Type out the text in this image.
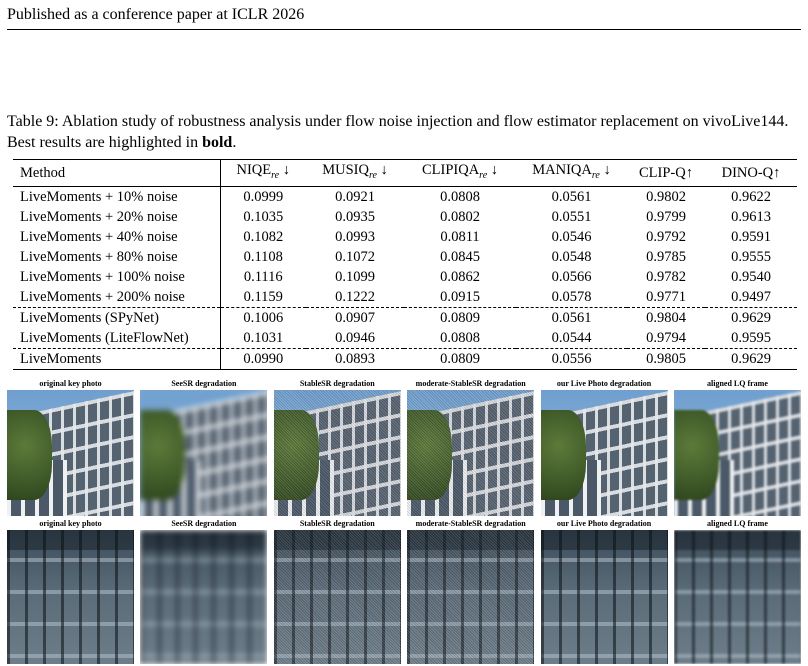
Published as a conference paper at ICLR 2026
Table 9: Ablation study of robustness analysis under flow noise injection and flow estimator replacement on vivoLive144. Best results are highlighted in bold.
Method	$NIQE_{re}$ ↓	$MUSIQ_{re}$ ↓	$CLIPIQA_{re}$ ↓	$MANIQA_{re}$ ↓	CLIP-Q↑	DINO-Q↑
LiveMoments + 10% noise	0.0999	0.0921	0.0808	0.0561	0.9802	0.9622
LiveMoments + 20% noise	0.1035	0.0935	0.0802	0.0551	0.9799	0.9613
LiveMoments + 40% noise	0.1082	0.0993	0.0811	0.0546	0.9792	0.9591
LiveMoments + 80% noise	0.1108	0.1072	0.0845	0.0548	0.9785	0.9555
LiveMoments + 100% noise	0.1116	0.1099	0.0862	0.0566	0.9782	0.9540
LiveMoments + 200% noise	0.1159	0.1222	0.0915	0.0578	0.9771	0.9497
LiveMoments (SPyNet)	0.1006	0.0907	0.0809	0.0561	0.9804	0.9629
LiveMoments (LiteFlowNet)	0.1031	0.0946	0.0808	0.0544	0.9794	0.9595
LiveMoments	0.0990	0.0893	0.0809	0.0556	0.9805	0.9629
original key photo	SeeSR degradation	StableSR degradation	moderate-StableSR degradation	our Live Photo degradation	aligned LQ frame
original key photo	SeeSR degradation	StableSR degradation	moderate-StableSR degradation	our Live Photo degradation	aligned LQ frame
